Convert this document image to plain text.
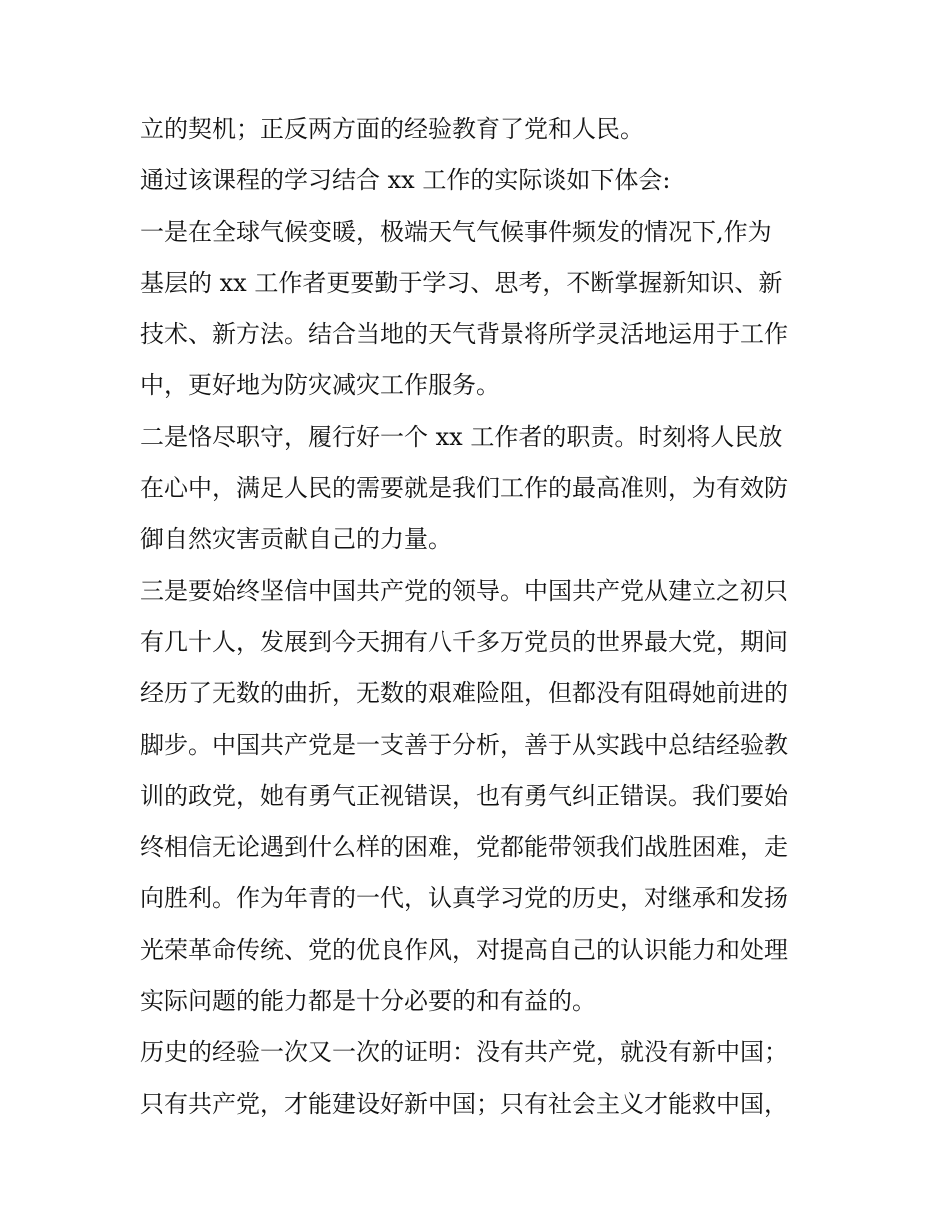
立的契机；正反两方面的经验教育了党和人民。
通过该课程的学习结合 xx 工作的实际谈如下体会:
一是在全球气候变暖，极端天气气候事件频发的情况下,作为
基层的 xx 工作者更要勤于学习、思考，不断掌握新知识、新
技术、新方法。结合当地的天气背景将所学灵活地运用于工作
中，更好地为防灾减灾工作服务。
二是恪尽职守，履行好一个 xx 工作者的职责。时刻将人民放
在心中，满足人民的需要就是我们工作的最高准则，为有效防
御自然灾害贡献自己的力量。
三是要始终坚信中国共产党的领导。中国共产党从建立之初只
有几十人，发展到今天拥有八千多万党员的世界最大党，期间
经历了无数的曲折，无数的艰难险阻，但都没有阻碍她前进的
脚步。中国共产党是一支善于分析，善于从实践中总结经验教
训的政党，她有勇气正视错误，也有勇气纠正错误。我们要始
终相信无论遇到什么样的困难，党都能带领我们战胜困难，走
向胜利。作为年青的一代，认真学习党的历史，对继承和发扬
光荣革命传统、党的优良作风，对提高自己的认识能力和处理
实际问题的能力都是十分必要的和有益的。
历史的经验一次又一次的证明：没有共产党，就没有新中国；
只有共产党，才能建设好新中国；只有社会主义才能救中国，
